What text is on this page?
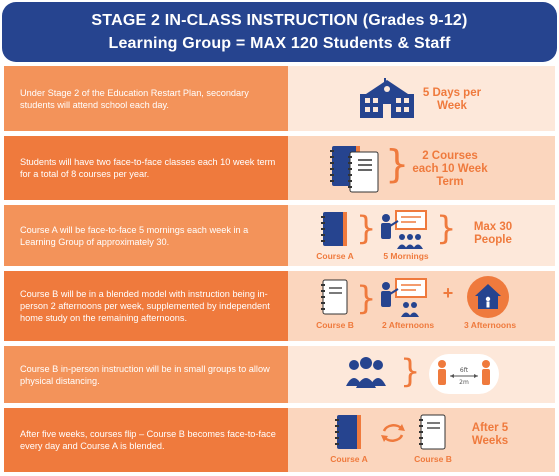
STAGE 2 IN-CLASS INSTRUCTION (Grades 9-12)
Learning Group = MAX 120 Students & Staff
Under Stage 2 of the Education Restart Plan, secondary students will attend school each day.
5 Days per Week
Students will have two face-to-face classes each 10 week term for a total of 8 courses per year.	}	2 Courses each 10 Week Term
Course A will be face-to-face 5 mornings each week in a Learning Group of approximately 30.
Course A
}
5 Mornings
}	Max 30 People
Course B will be in a blended model with instruction being in-person 2 afternoons per week, supplemented by independent home study on the remaining afternoons.
Course B
}
2 Afternoons
+
3 Afternoons
Course B in-person instruction will be in small groups to allow physical distancing.	}	6ft
2m
After five weeks, courses flip – Course B becomes face-to-face every day and Course A is blended.
Course A	Course B
After 5 Weeks
